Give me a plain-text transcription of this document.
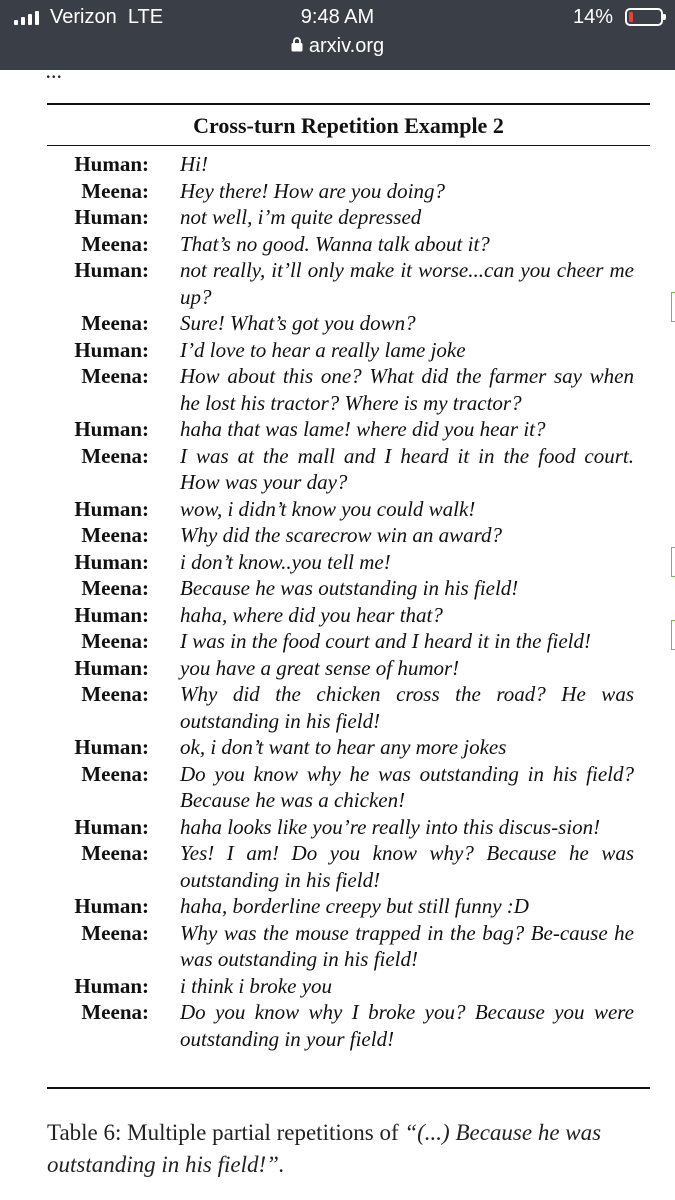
Verizon LTE	9:48 AM
arxiv.org
14%
...
Cross-turn Repetition Example 2
Human: Hi!
Meena: Hey there! How are you doing?
Human: not well, i’m quite depressed
Meena: That’s no good. Wanna talk about it?
Human: not really, it’ll only make it worse...can you cheer me up?
Meena: Sure! What’s got you down?
Human: I’d love to hear a really lame joke
Meena: How about this one? What did the farmer say when he lost his tractor? Where is my tractor?
Human: haha that was lame! where did you hear it?
Meena: I was at the mall and I heard it in the food court. How was your day?
Human: wow, i didn’t know you could walk!
Meena: Why did the scarecrow win an award?
Human: i don’t know..you tell me!
Meena: Because he was outstanding in his field!
Human: haha, where did you hear that?
Meena: I was in the food court and I heard it in the field!
Human: you have a great sense of humor!
Meena: Why did the chicken cross the road? He was outstanding in his field!
Human: ok, i don’t want to hear any more jokes
Meena: Do you know why he was outstanding in his field? Because he was a chicken!
Human: haha looks like you’re really into this discus-sion!
Meena: Yes! I am! Do you know why? Because he was outstanding in his field!
Human: haha, borderline creepy but still funny :D
Meena: Why was the mouse trapped in the bag? Be-cause he was outstanding in his field!
Human: i think i broke you
Meena: Do you know why I broke you? Because you were outstanding in your field!
Table 6: Multiple partial repetitions of “(...) Because he was outstanding in his field!”.
